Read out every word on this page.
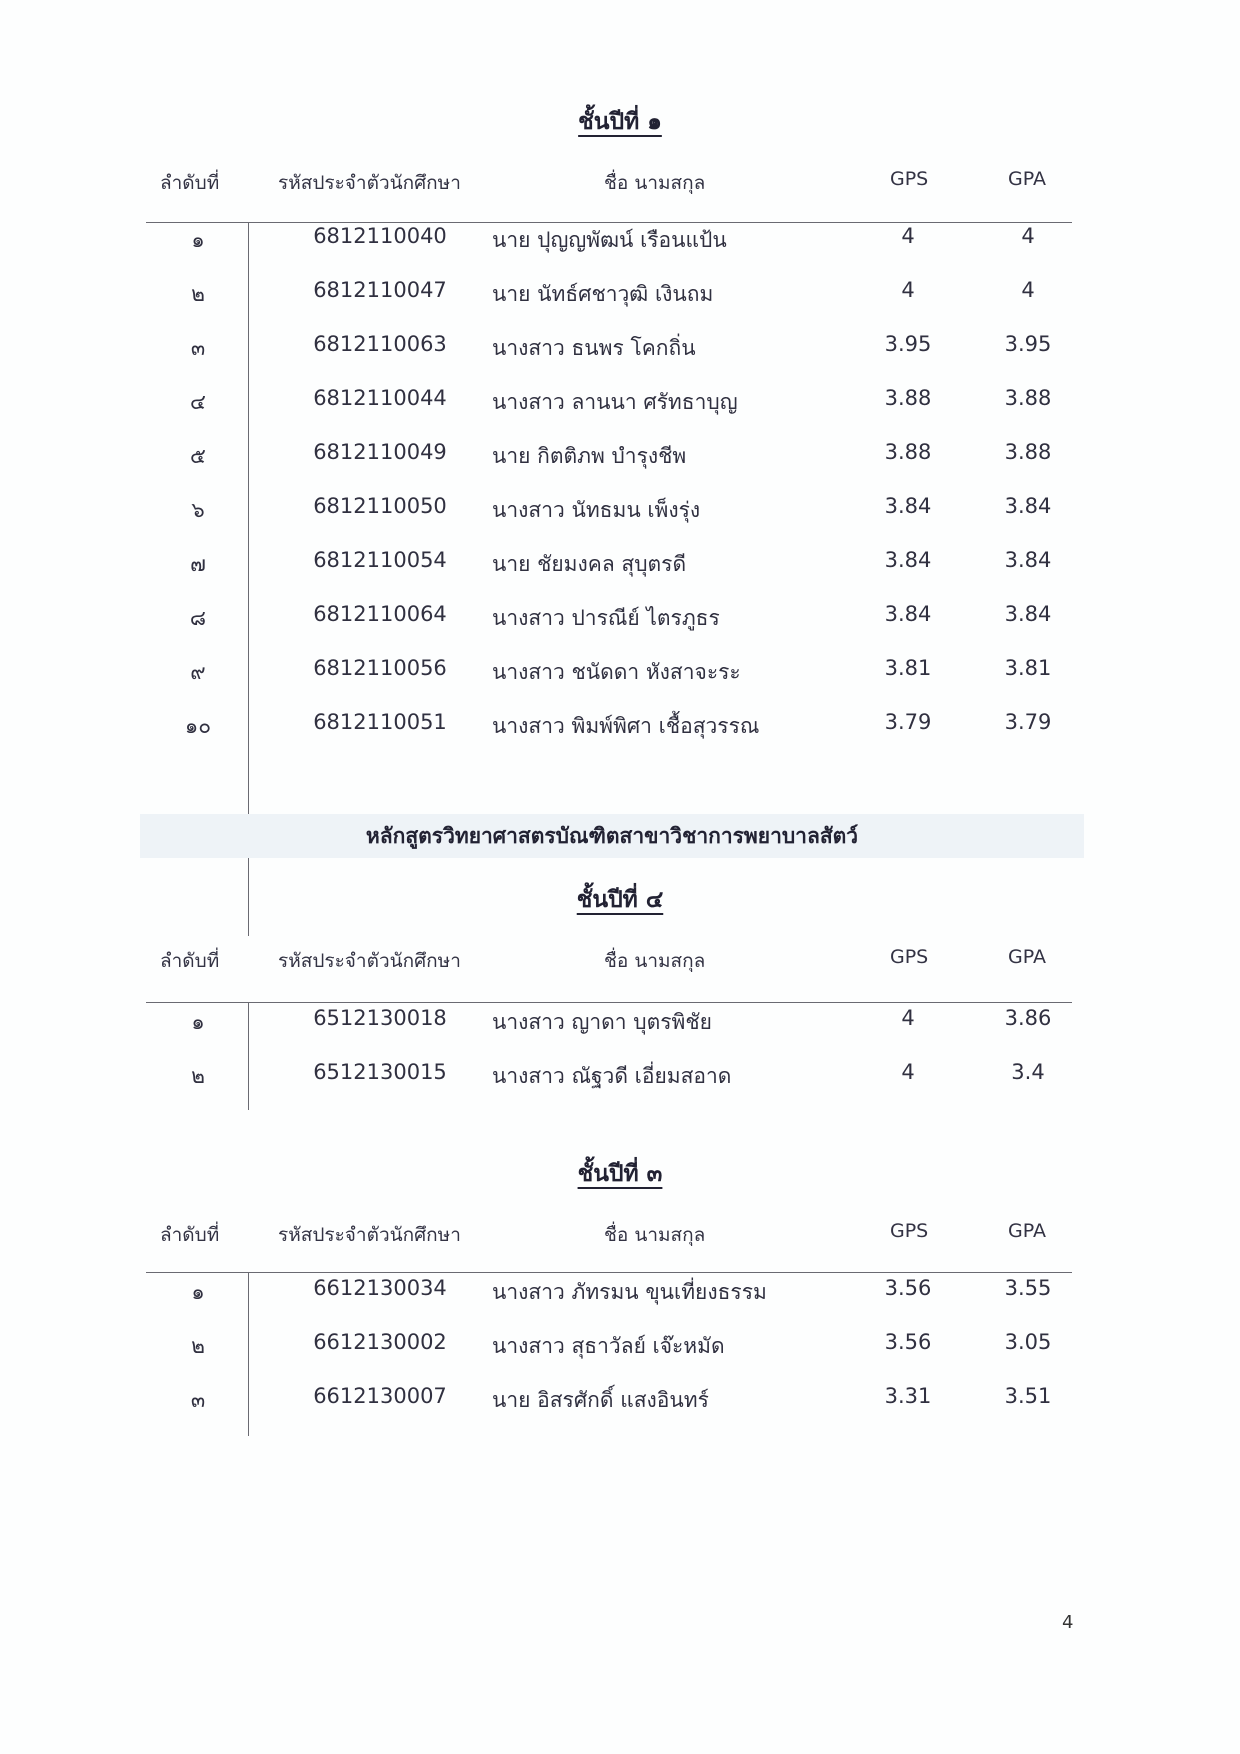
ชั้นปีที่ ๑
ลำดับที่	รหัสประจำตัวนักศึกษา	ชื่อ นามสกุล	GPS	GPA
๑	6812110040	นาย ปุญญพัฒน์ เรือนแป้น	4	4
๒	6812110047	นาย นัทธ์ศชาวุฒิ เงินถม	4	4
๓	6812110063	นางสาว ธนพร โคกถิ่น	3.95	3.95
๔	6812110044	นางสาว ลานนา ศรัทธาบุญ	3.88	3.88
๕	6812110049	นาย กิตติภพ บำรุงชีพ	3.88	3.88
๖	6812110050	นางสาว นัทธมน เพ็งรุ่ง	3.84	3.84
๗	6812110054	นาย ชัยมงคล สุบุตรดี	3.84	3.84
๘	6812110064	นางสาว ปารณีย์ ไตรภูธร	3.84	3.84
๙	6812110056	นางสาว ชนัดดา หังสาจะระ	3.81	3.81
๑๐	6812110051	นางสาว พิมพ์พิศา เชื้อสุวรรณ	3.79	3.79
หลักสูตรวิทยาศาสตรบัณฑิตสาขาวิชาการพยาบาลสัตว์
ชั้นปีที่ ๔
ลำดับที่	รหัสประจำตัวนักศึกษา	ชื่อ นามสกุล	GPS	GPA
๑	6512130018	นางสาว ญาดา บุตรพิชัย	4	3.86
๒	6512130015	นางสาว ณัฐวดี เอี่ยมสอาด	4	3.4
ชั้นปีที่ ๓
ลำดับที่	รหัสประจำตัวนักศึกษา	ชื่อ นามสกุล	GPS	GPA
๑	6612130034	นางสาว ภัทรมน ขุนเที่ยงธรรม	3.56	3.55
๒	6612130002	นางสาว สุธาวัลย์ เจ๊ะหมัด	3.56	3.05
๓	6612130007	นาย อิสรศักดิ์ แสงอินทร์	3.31	3.51
4
